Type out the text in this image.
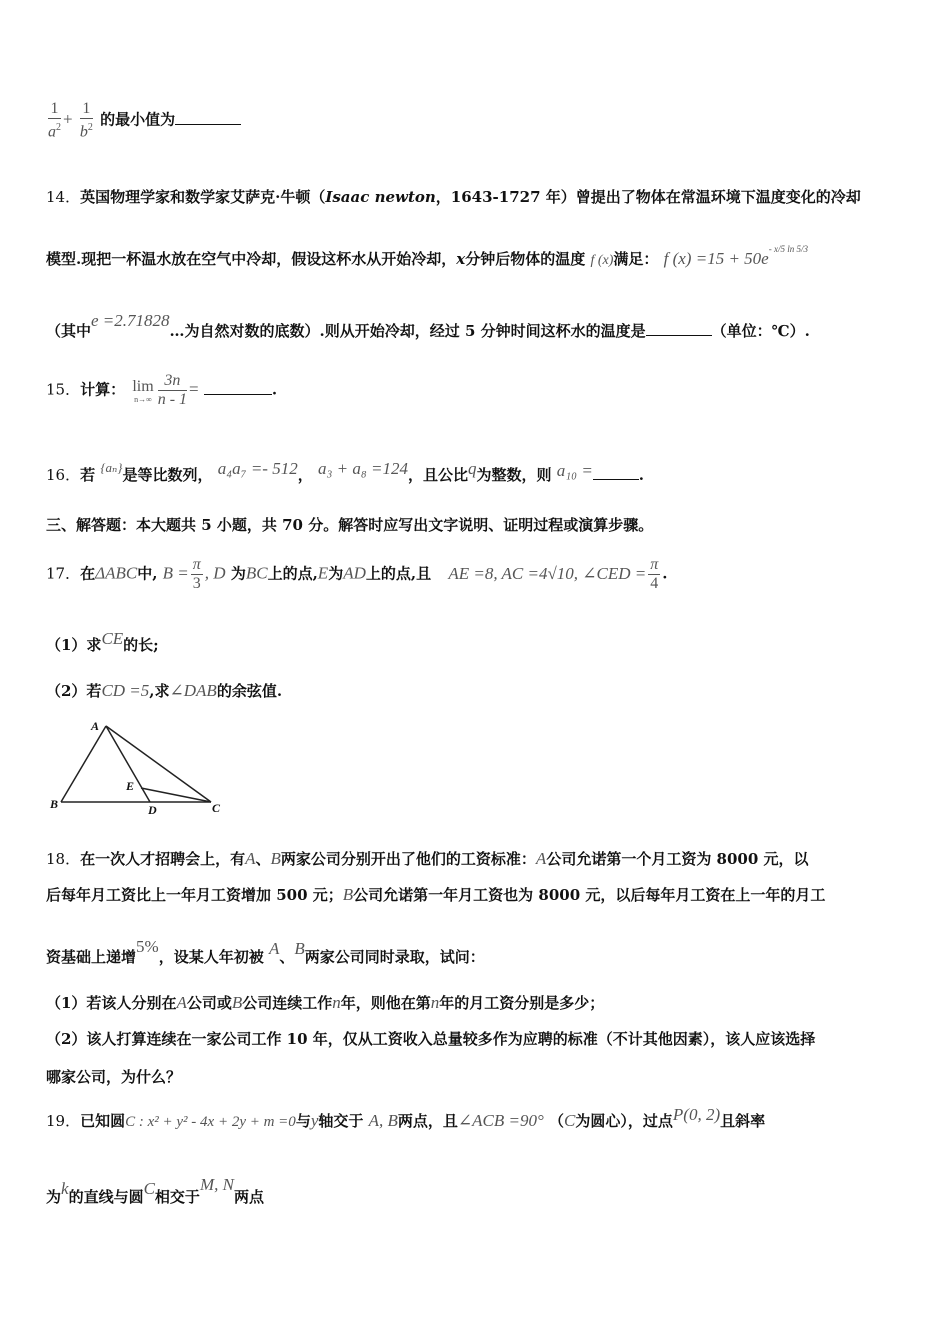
$\frac{1}{a^2} + \frac{1}{b^2}$ 的最小值为
14．英国物理学家和数学家艾萨克·牛顿（Isaac newton，1643-1727 年）曾提出了物体在常温环境下温度变化的冷却
模型.现把一杯温水放在空气中冷却，假设这杯水从开始冷却，x分钟后物体的温度 f (x)满足： f $(x) =15 + 50e^{- x/5 ln 5/3}$
（其中e =2.71828…为自然对数的底数）.则从开始冷却，经过 5 分钟时间这杯水的温度是	（单位：℃）.
15．计算： lim
$n\to\infty \frac{3n}{n - 1}$ =	.
16．若 {aₙ}是等比数列， a₄a₇ =- 512， a₃ + a₈ =124，且公比q为整数，则 a₁₀ =	.
三、解答题：本大题共 5 小题，共 70 分。解答时应写出文字说明、证明过程或演算步骤。
17．在ΔABC中, $B = \frac{\pi}{3}$ , D 为BC上的点,E为AD上的点,且 AE =8, AC =4√10, ∠CED = $\frac{\pi}{4}$ .
（1）求CE的长;
（2）若CD =5,求∠DAB的余弦值.
A
B
E
D	C
18．在一次人才招聘会上，有A、B两家公司分别开出了他们的工资标准：A公司允诺第一个月工资为 8000 元，以
后每年月工资比上一年月工资增加 500 元；B公司允诺第一年月工资也为 8000 元，以后每年月工资在上一年的月工
资基础上递增5%，设某人年初被 A、B两家公司同时录取，试问：
（1）若该人分别在A公司或B公司连续工作n年，则他在第n年的月工资分别是多少；
（2）该人打算连续在一家公司工作 10 年，仅从工资收入总量较多作为应聘的标准（不计其他因素），该人应该选择
哪家公司，为什么？
19．已知圆C : x² + y² - 4x + 2y + m =0与y轴交于 A, B两点，且∠ACB =90° （C为圆心），过点P(0, 2)且斜率
为k的直线与圆C相交于M, N两点
